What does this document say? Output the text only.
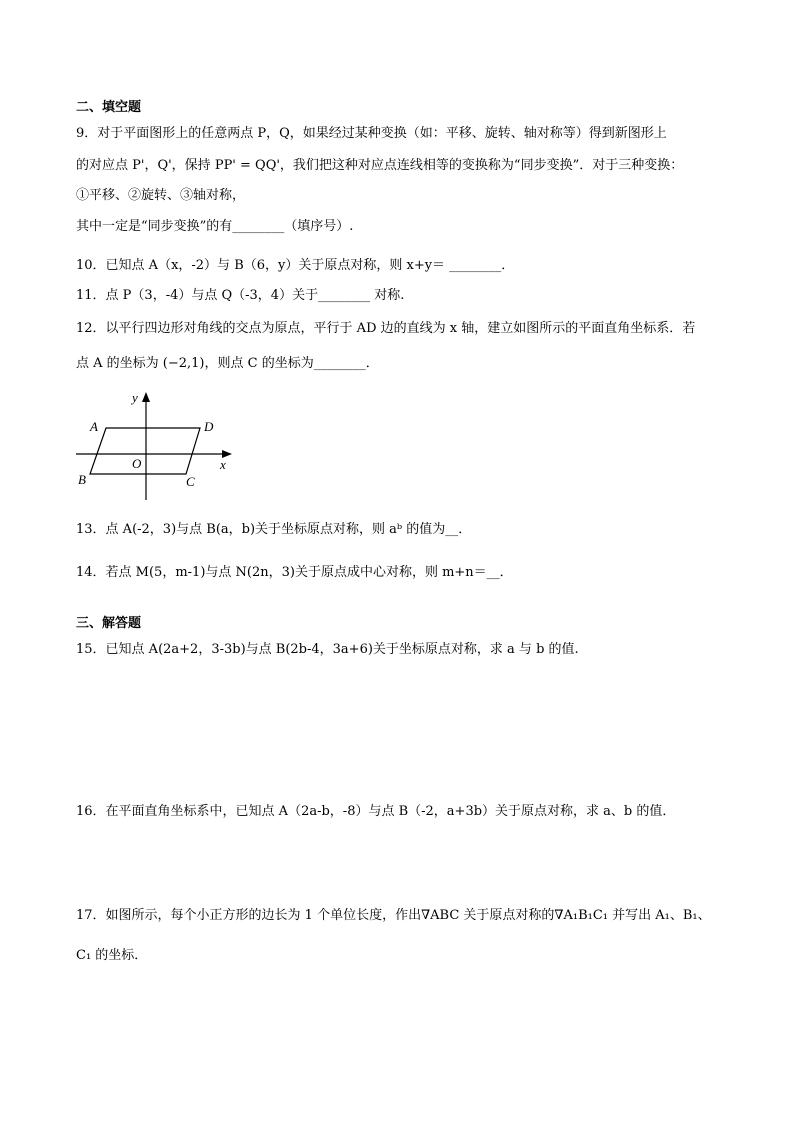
二、填空题
9．对于平面图形上的任意两点 P，Q，如果经过某种变换（如：平移、旋转、轴对称等）得到新图形上
的对应点 P'，Q'，保持 PP' = QQ'，我们把这种对应点连线相等的变换称为“同步变换”．对于三种变换：
①平移、②旋转、③轴对称，
其中一定是“同步变换”的有________（填序号）.
10．已知点 A（x，-2）与 B（6，y）关于原点对称，则 x+y＝ ________．
11．点 P（3，-4）与点 Q（-3，4）关于________ 对称.
12．以平行四边形对角线的交点为原点，平行于 AD 边的直线为 x 轴，建立如图所示的平面直角坐标系．若
点 A 的坐标为 (−2,1)，则点 C 的坐标为________．
A	D
B	C
O	x
y
13．点 A(-2，3)与点 B(a，b)关于坐标原点对称，则 aᵇ 的值为__．
14．若点 M(5，m-1)与点 N(2n，3)关于原点成中心对称，则 m+n＝__．
三、解答题
15．已知点 A(2a+2，3-3b)与点 B(2b-4，3a+6)关于坐标原点对称，求 a 与 b 的值.
16．在平面直角坐标系中，已知点 A（2a-b，-8）与点 B（-2，a+3b）关于原点对称，求 a、b 的值．
17．如图所示，每个小正方形的边长为 1 个单位长度，作出∇ABC 关于原点对称的∇A₁B₁C₁ 并写出 A₁、B₁、
C₁ 的坐标．
